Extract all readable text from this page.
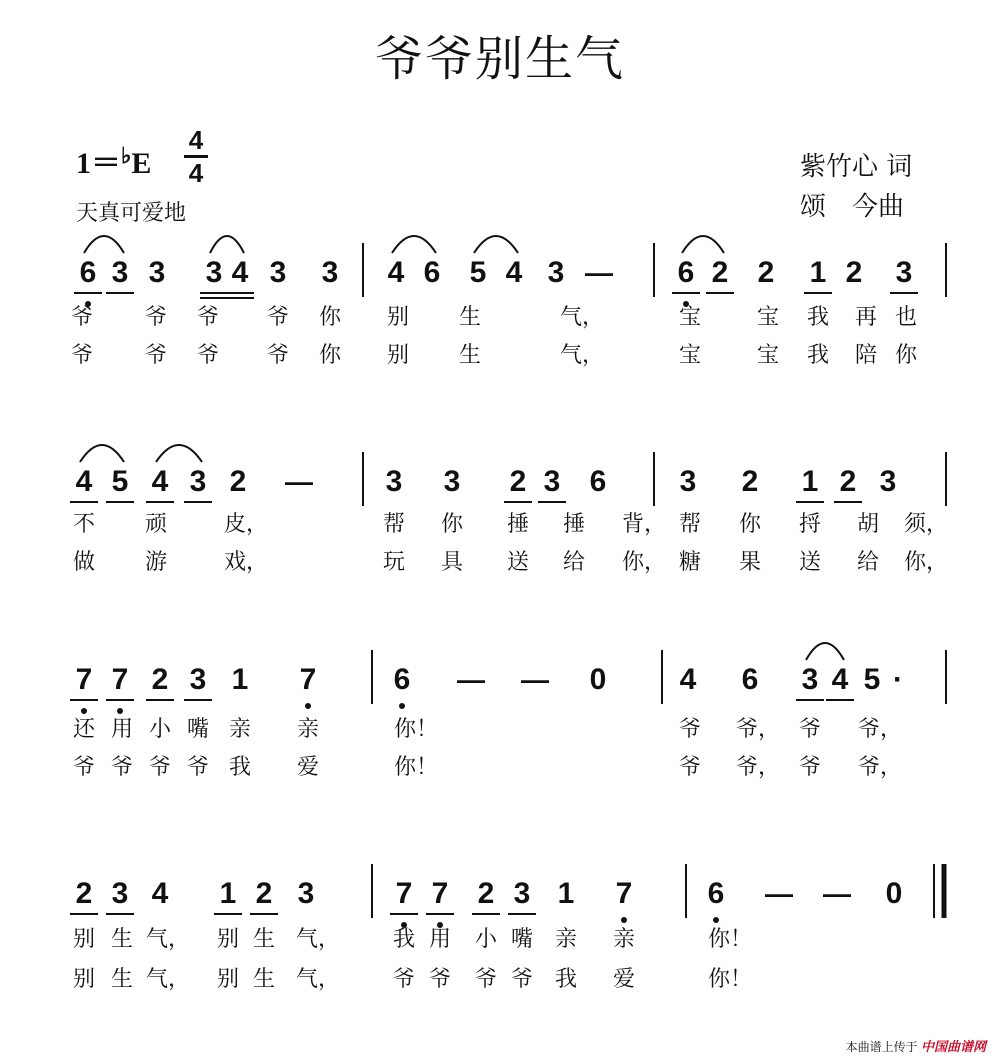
爷爷别生气
1＝♭E
4
4
天真可爱地
紫竹心 词
颂　今曲
6 3 3 3 4 3 3 4 6 5 4 3	6 2 2 1 2 3
—
爷 爷 爷 爷 你 别 生	气，	宝	宝 我 再 也
爷 爷 爷 爷 你 别 生	气，	宝	宝 我 陪 你
4 5 4 3 2	3 3 2 3 6 3 2 1 2 3
—
不 顽	皮，	帮 你 捶 捶 背， 帮 你 捋 胡 须，
做 游	戏，	玩 具 送 给 你， 糖 果 送 给 你，
7 7 2 3 1 7	6	0 4 6 3 4 5 ·
— —
还 用 小 嘴 亲 亲	你！	爷 爷， 爷 爷，
爷 爷 爷 爷 我 爱	你！	爷 爷， 爷 爷，
2 3 4 1 2 3	7 7 2 3 1 7	6	0
— —
别 生 气， 别 生 气， 我 用 小 嘴 亲 亲	你！
别 生 气， 别 生 气， 爷 爷 爷 爷 我 爱	你！
本曲谱上传于 中国曲谱网
